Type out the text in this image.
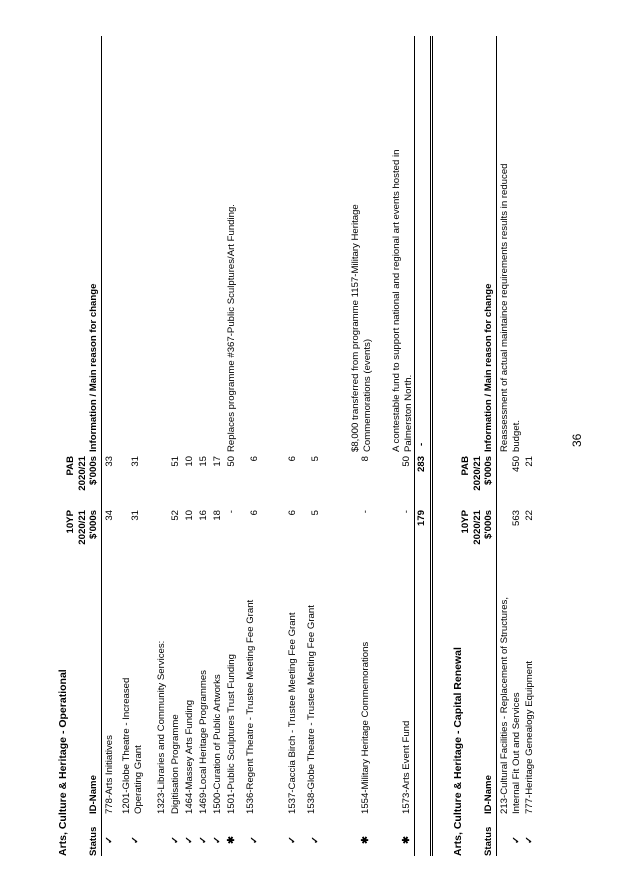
Arts, Culture & Heritage - Operational Status
ID-Name
10YP 2020/21 $'000s
PAB 2020/21 $'000s
Information / Main reason for change
✓
778-Arts Initiatives
34
33
✓
1201-Globe Theatre - Increased Operating Grant
31
31
1323-Libraries and Community Services:
✓
Digitisation Programme
52
51
✓
1464-Massey Arts Funding
10
10
✓
1469-Local Heritage Programmes
16
15
✓
1500-Curation of Public Artworks
18
17
✱
1501-Public Sculptures Trust Funding
-
50
Replaces programme #367-Public Sculptures/Art Funding.
✓
1536-Regent Theatre - Trustee Meeting Fee Grant
6
6
✓
1537-Caccia Birch - Trustee Meeting Fee Grant
6
6
✓
1538-Globe Theatre - Trustee Meeting Fee Grant
5
5
✱
1554-Military Heritage Commemorations
-
8
$8,000 transferred from programme 1157-Military Heritage Commemorations (events)
✱
1573-Arts Event Fund
-
50
A contestable fund to support national and regional art events hosted in Palmerston North.
179
283
-
Arts, Culture & Heritage - Capital Renewal Status
ID-Name
10YP 2020/21 $'000s
PAB 2020/21 $'000s
Information / Main reason for change
✓
213-Cultural Facilities - Replacement of Structures, Internal Fit Out and Services
563
450
Reassessment of actual maintaince requirements results in reduced budget.
✓
777-Heritage Genealogy Equipment
22
21
36
